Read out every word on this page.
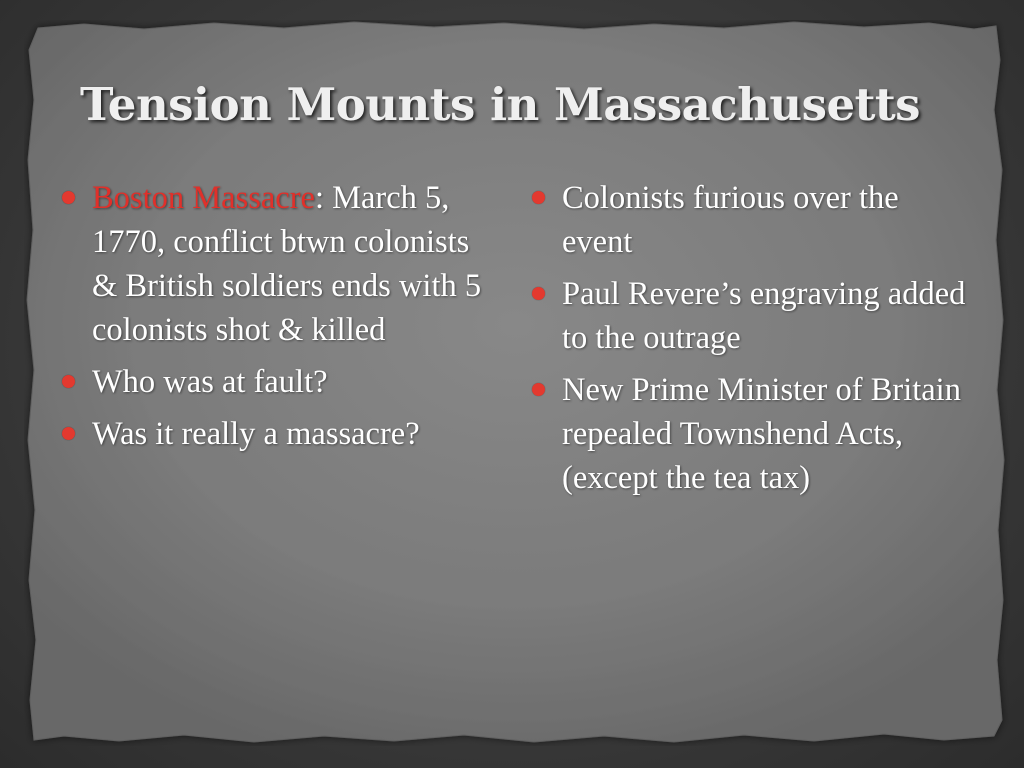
Tension Mounts in Massachusetts
Boston Massacre: March 5, 1770, conflict btwn colonists & British soldiers ends with 5 colonists shot & killed
Who was at fault?
Was it really a massacre?
Colonists furious over the event
Paul Revere’s engraving added to the outrage
New Prime Minister of Britain repealed Townshend Acts, (except the tea tax)
